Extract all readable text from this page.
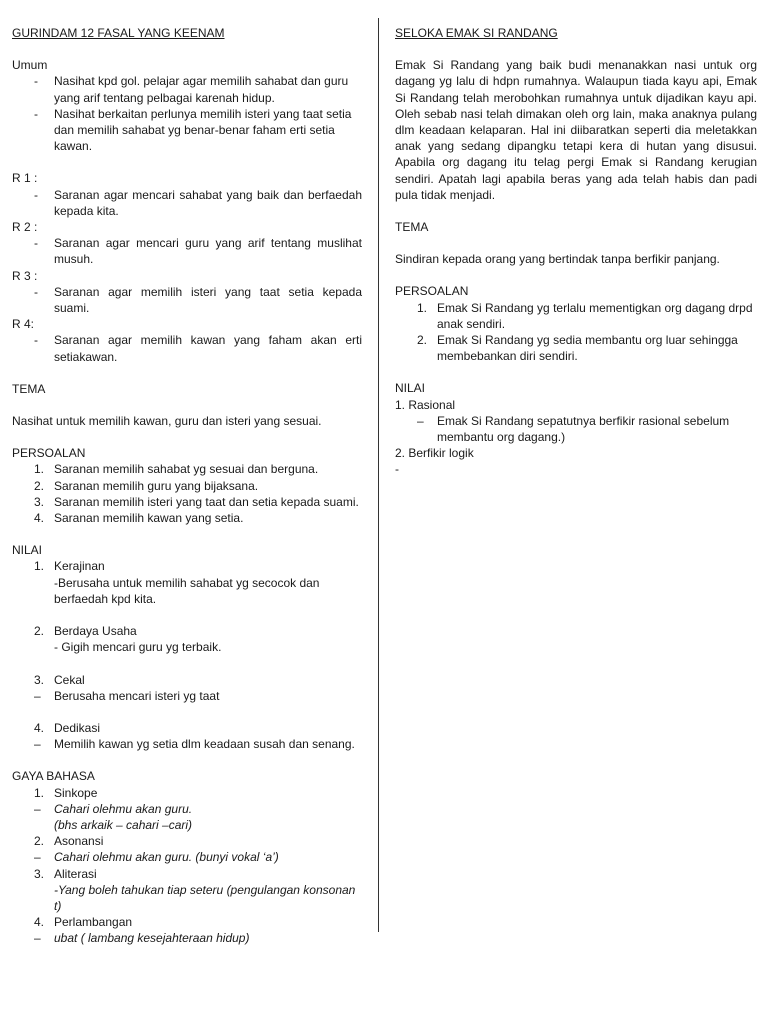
GURINDAM 12 FASAL YANG KEENAM

Umum

-	Nasihat kpd gol. pelajar agar memilih sahabat dan guru yang arif tentang pelbagai karenah hidup.
-	Nasihat berkaitan perlunya memilih isteri yang taat setia dan memilih sahabat yg benar-benar faham erti setia kawan.

R 1 :

-	Saranan agar mencari sahabat yang baik dan berfaedah kepada kita.

R 2 :

-	Saranan agar mencari guru yang arif tentang muslihat musuh.

R 3 :

-	Saranan agar memilih isteri yang taat setia kepada suami.

R 4:

-	Saranan agar memilih kawan yang faham akan erti setiakawan.

TEMA

Nasihat untuk memilih kawan, guru dan isteri yang sesuai.

PERSOALAN

1. Saranan memilih sahabat yg sesuai dan berguna.
2. Saranan memilih guru yang bijaksana.
3. Saranan memilih isteri yang taat dan setia kepada suami.
4. Saranan memilih kawan yang setia.

NILAI

1. Kerajinan

-Berusaha untuk memilih sahabat yg secocok dan berfaedah kpd kita.

2. Berdaya Usaha

- Gigih mencari guru yg terbaik.

3. Cekal
–	Berusaha mencari isteri yg taat
4. Dedikasi
–	Memilih kawan yg setia dlm keadaan susah dan senang.

GAYA BAHASA

1. Sinkope
–	Cahari olehmu akan guru.

(bhs arkaik – cahari –cari)

2. Asonansi
–	Cahari olehmu akan guru. (bunyi vokal ‘a’)
3. Aliterasi

-Yang boleh tahukan tiap seteru (pengulangan konsonan t)

4. Perlambangan
–	ubat ( lambang kesejahteraan hidup)

SELOKA EMAK SI RANDANG

Emak Si Randang yang baik budi menanakkan nasi untuk org dagang yg lalu di hdpn rumahnya. Walaupun tiada kayu api, Emak Si Randang telah merobohkan rumahnya untuk dijadikan kayu api. Oleh sebab nasi telah dimakan oleh org lain, maka anaknya pulang dlm keadaan kelaparan. Hal ini diibaratkan seperti dia meletakkan anak yang sedang dipangku tetapi kera di hutan yang disusui. Apabila org dagang itu telag pergi Emak si Randang kerugian sendiri. Apatah lagi apabila beras yang ada telah habis dan padi pula tidak menjadi.

TEMA

Sindiran kepada orang yang bertindak tanpa berfikir panjang.

PERSOALAN

1. Emak Si Randang yg terlalu mementigkan org dagang drpd anak sendiri.
2. Emak Si Randang yg sedia membantu org luar sehingga membebankan diri sendiri.

NILAI

1. Rasional

–	Emak Si Randang sepatutnya berfikir rasional sebelum membantu org dagang.)

2. Berfikir logik

-
